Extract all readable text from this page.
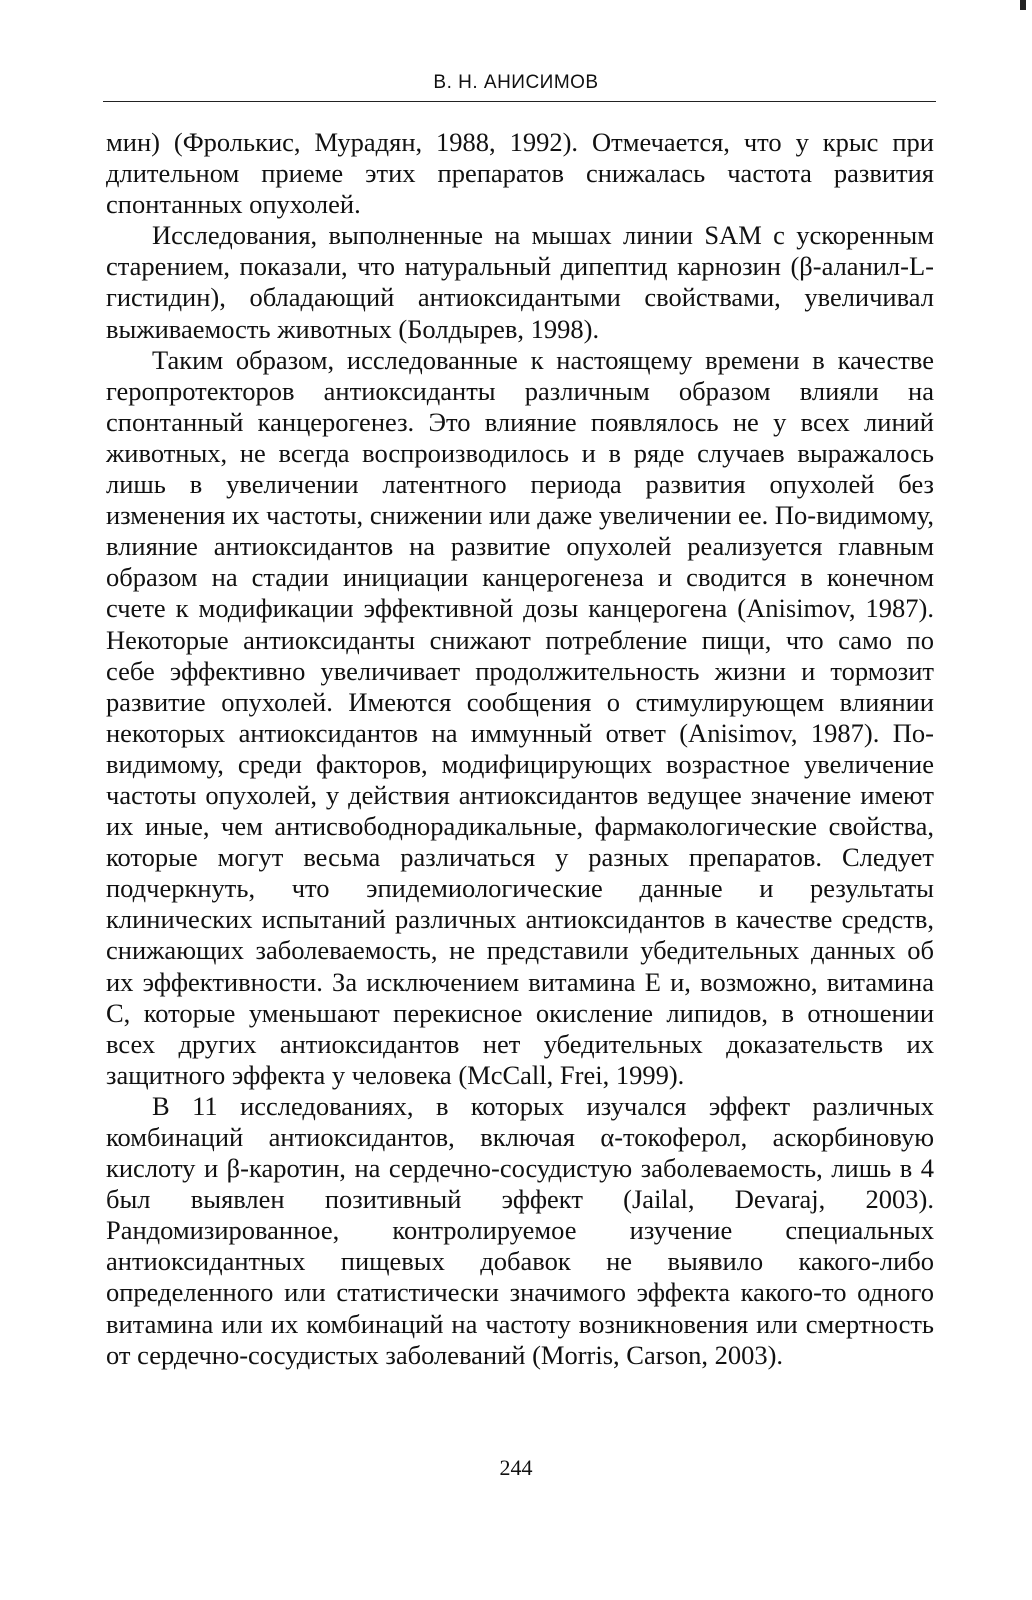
В. Н. АНИСИМОВ

мин) (Фролькис, Мурадян, 1988, 1992). Отмечается, что у крыс при длительном приеме этих препаратов снижалась частота развития спонтанных опухолей.

Исследования, выполненные на мышах линии SAM с ускоренным старением, показали, что натуральный дипептид карнозин (β-аланил-L-гистидин), обладающий антиоксидантыми свойствами, увеличивал выживаемость животных (Болдырев, 1998).

Таким образом, исследованные к настоящему времени в качестве геропротекторов антиоксиданты различным образом влияли на спонтанный канцерогенез. Это влияние появлялось не у всех линий животных, не всегда воспроизводилось и в ряде случаев выражалось лишь в увеличении латентного периода развития опухолей без изменения их частоты, снижении или даже увеличении ее. По-видимому, влияние антиоксидантов на развитие опухолей реализуется главным образом на стадии инициации канцерогенеза и сводится в конечном счете к модификации эффективной дозы канцерогена (Anisimov, 1987). Некоторые антиоксиданты снижают потребление пищи, что само по себе эффективно увеличивает продолжительность жизни и тормозит развитие опухолей. Имеются сообщения о стимулирующем влиянии некоторых антиоксидантов на иммунный ответ (Anisimov, 1987). По-видимому, среди факторов, модифицирующих возрастное увеличение частоты опухолей, у действия антиоксидантов ведущее значение имеют их иные, чем антисвободнорадикальные, фармакологические свойства, которые могут весьма различаться у разных препаратов. Следует подчеркнуть, что эпидемиологические данные и результаты клинических испытаний различных антиоксидантов в качестве средств, снижающих заболеваемость, не представили убедительных данных об их эффективности. За исключением витамина Е и, возможно, витамина С, которые уменьшают перекисное окисление липидов, в отношении всех других антиоксидантов нет убедительных доказательств их защитного эффекта у человека (McCall, Frei, 1999).

В 11 исследованиях, в которых изучался эффект различных комбинаций антиоксидантов, включая α-токоферол, аскорбиновую кислоту и β-каротин, на сердечно-сосудистую заболеваемость, лишь в 4 был выявлен позитивный эффект (Jailal, Devaraj, 2003). Рандомизированное, контролируемое изучение специальных антиоксидантных пищевых добавок не выявило какого-либо определенного или статистически значимого эффекта какого-то одного витамина или их комбинаций на частоту возникновения или смертность от сердечно-сосудистых заболеваний (Morris, Carson, 2003).

244
